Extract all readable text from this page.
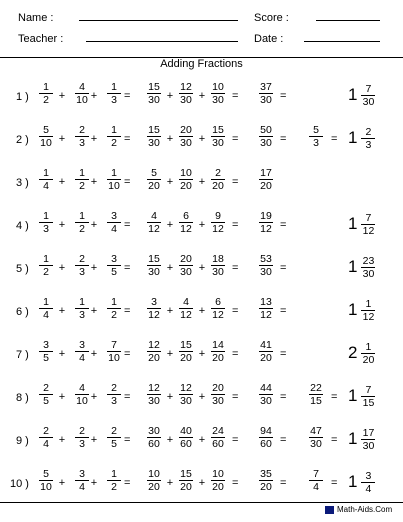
Name :	Score :
Teacher :	Date :
Adding Fractions
1 ) $\frac{1}{2} \frac{4}{10} \frac{1}{3}$
+ + = $\frac{15}{30} \frac{12}{30} \frac{10}{30}$
+ + = $\frac{37}{30}$ =	$1 \frac{7}{30}$
2 ) $\frac{5}{10} \frac{2}{3} \frac{1}{2}$
+ + = $\frac{15}{30} \frac{20}{30} \frac{15}{30}$
+ + = $\frac{50}{30} = \frac{5}{3} = 1 \frac{2}{3}$
3 ) $\frac{1}{4} \frac{1}{2} \frac{1}{10}$
+ + = $\frac{5}{20} \frac{10}{20} \frac{2}{20}$
+ + = $\frac{17}{20}$
4 ) $\frac{1}{3} \frac{1}{2} \frac{3}{4}$
+ + = $\frac{4}{12} \frac{6}{12} \frac{9}{12}$
+ + = $\frac{19}{12}$ =	$1 \frac{7}{12}$
5 ) $\frac{1}{2} \frac{2}{3} \frac{3}{5}$
+ + = $\frac{15}{30} \frac{20}{30} \frac{18}{30}$
+ + = $\frac{53}{30}$ =	$1 \frac{23}{30}$
6 ) $\frac{1}{4} \frac{1}{3} \frac{1}{2}$
+ + = $\frac{3}{12} \frac{4}{12} \frac{6}{12}$
+ + = $\frac{13}{12}$ =	$1 \frac{1}{12}$
7 ) $\frac{3}{5} \frac{3}{4} \frac{7}{10}$
+ + = $\frac{12}{20} \frac{15}{20} \frac{14}{20}$
+ + = $\frac{41}{20}$ =	$2 \frac{1}{20}$
8 ) $\frac{2}{5} \frac{4}{10} \frac{2}{3}$
+ + = $\frac{12}{30} \frac{12}{30} \frac{20}{30}$
+ + = $\frac{44}{30} = \frac{22}{15} = 1 \frac{7}{15}$
9 ) $\frac{2}{4} \frac{2}{3} \frac{2}{5}$
+ + = $\frac{30}{60} \frac{40}{60} \frac{24}{60}$
+ + = $\frac{94}{60} = \frac{47}{30} = 1 \frac{17}{30}$
10 ) $\frac{5}{10} \frac{3}{4} \frac{1}{2}$
+ + = $\frac{10}{20} \frac{15}{20} \frac{10}{20}$
+ + = $\frac{35}{20} = \frac{7}{4} = 1 \frac{3}{4}$
Math-Aids.Com
